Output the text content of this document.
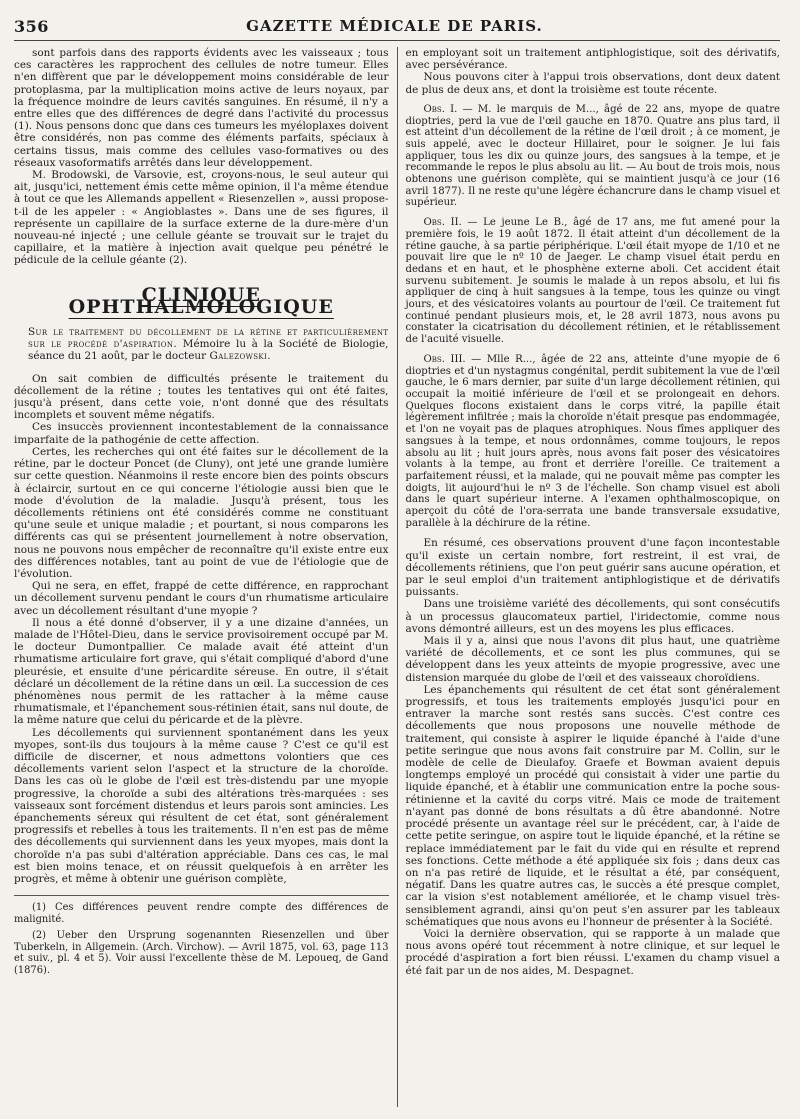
356	GAZETTE MÉDICALE DE PARIS.

sont parfois dans des rapports évidents avec les vaisseaux ; tous ces caractères les rapprochent des cellules de notre tumeur. Elles n'en diffèrent que par le développement moins considérable de leur protoplasma, par la multiplication moins active de leurs noyaux, par la fréquence moindre de leurs cavités sanguines. En résumé, il n'y a entre elles que des différences de degré dans l'activité du processus (1). Nous pensons donc que dans ces tumeurs les myéloplaxes doivent être considérés, non pas comme des éléments parfaits, spéciaux à certains tissus, mais comme des cellules vaso-formatives ou des réseaux vasoformatifs arrêtés dans leur développement.

M. Brodowski, de Varsovie, est, croyons-nous, le seul auteur qui ait, jusqu'ici, nettement émis cette même opinion, il l'a même étendue à tout ce que les Allemands appellent « Riesenzellen », aussi propose-t-il de les appeler : « Angioblastes ». Dans une de ses figures, il représente un capillaire de la surface externe de la dure-mère d'un nouveau-né injecté ; une cellule géante se trouvait sur le trajet du capillaire, et la matière à injection avait quelque peu pénétré le pédicule de la cellule géante (2).

CLINIQUE OPHTHALMOLOGIQUE

Sur le traitement du décollement de la rétine et particulièrement sur le procédé d'aspiration. Mémoire lu à la Société de Biologie, séance du 21 août, par le docteur Galezowski.

On sait combien de difficultés présente le traitement du décollement de la rétine ; toutes les tentatives qui ont été faites, jusqu'à présent, dans cette voie, n'ont donné que des résultats incomplets et souvent même négatifs.

Ces insuccès proviennent incontestablement de la connaissance imparfaite de la pathogénie de cette affection.

Certes, les recherches qui ont été faites sur le décollement de la rétine, par le docteur Poncet (de Cluny), ont jeté une grande lumière sur cette question. Néanmoins il reste encore bien des points obscurs à éclaircir, surtout en ce qui concerne l'étiologie aussi bien que le mode d'évolution de la maladie. Jusqu'à présent, tous les décollements rétiniens ont été considérés comme ne constituant qu'une seule et unique maladie ; et pourtant, si nous comparons les différents cas qui se présentent journellement à notre observation, nous ne pouvons nous empêcher de reconnaître qu'il existe entre eux des différences notables, tant au point de vue de l'étiologie que de l'évolution.

Qui ne sera, en effet, frappé de cette différence, en rapprochant un décollement survenu pendant le cours d'un rhumatisme articulaire avec un décollement résultant d'une myopie ?

Il nous a été donné d'observer, il y a une dizaine d'années, un malade de l'Hôtel-Dieu, dans le service provisoirement occupé par M. le docteur Dumontpallier. Ce malade avait été atteint d'un rhumatisme articulaire fort grave, qui s'était compliqué d'abord d'une pleurésie, et ensuite d'une péricardite séreuse. En outre, il s'était déclaré un décollement de la rétine dans un œil. La succession de ces phénomènes nous permit de les rattacher à la même cause rhumatismale, et l'épanchement sous-rétinien était, sans nul doute, de la même nature que celui du péricarde et de la plèvre.

Les décollements qui surviennent spontanément dans les yeux myopes, sont-ils dus toujours à la même cause ? C'est ce qu'il est difficile de discerner, et nous admettons volontiers que ces décollements varient selon l'aspect et la structure de la choroïde. Dans les cas où le globe de l'œil est très-distendu par une myopie progressive, la choroïde a subi des altérations très-marquées : ses vaisseaux sont forcément distendus et leurs parois sont amincies. Les épanchements séreux qui résultent de cet état, sont généralement progressifs et rebelles à tous les traitements. Il n'en est pas de même des décollements qui surviennent dans les yeux myopes, mais dont la choroïde n'a pas subi d'altération appréciable. Dans ces cas, le mal est bien moins tenace, et on réussit quelquefois à en arrêter les progrès, et même à obtenir une guérison complète,

(1) Ces différences peuvent rendre compte des différences de malignité.

(2) Ueber den Ursprung sogenannten Riesenzellen und über Tuberkeln, in Allgemein. (Arch. Virchow). — Avril 1875, vol. 63, page 113 et suiv., pl. 4 et 5). Voir aussi l'excellente thèse de M. Lepoueq, de Gand (1876).

en employant soit un traitement antiphlogistique, soit des dérivatifs, avec persévérance.

Nous pouvons citer à l'appui trois observations, dont deux datent de plus de deux ans, et dont la troisième est toute récente.

Obs. I. — M. le marquis de M..., âgé de 22 ans, myope de quatre dioptries, perd la vue de l'œil gauche en 1870. Quatre ans plus tard, il est atteint d'un décollement de la rétine de l'œil droit ; à ce moment, je suis appelé, avec le docteur Hillairet, pour le soigner. Je lui fais appliquer, tous les dix ou quinze jours, des sangsues à la tempe, et je recommande le repos le plus absolu au lit. — Au bout de trois mois, nous obtenons une guérison complète, qui se maintient jusqu'à ce jour (16 avril 1877). Il ne reste qu'une légère échancrure dans le champ visuel et supérieur.

Obs. II. — Le jeune Le B., âgé de 17 ans, me fut amené pour la première fois, le 19 août 1872. Il était atteint d'un décollement de la rétine gauche, à sa partie périphérique. L'œil était myope de 1/10 et ne pouvait lire que le nº 10 de Jaeger. Le champ visuel était perdu en dedans et en haut, et le phosphène externe aboli. Cet accident était survenu subitement. Je soumis le malade à un repos absolu, et lui fis appliquer de cinq à huit sangsues à la tempe, tous les quinze ou vingt jours, et des vésicatoires volants au pourtour de l'œil. Ce traitement fut continué pendant plusieurs mois, et, le 28 avril 1873, nous avons pu constater la cicatrisation du décollement rétinien, et le rétablissement de l'acuité visuelle.

Obs. III. — Mlle R..., âgée de 22 ans, atteinte d'une myopie de 6 dioptries et d'un nystagmus congénital, perdit subitement la vue de l'œil gauche, le 6 mars dernier, par suite d'un large décollement rétinien, qui occupait la moitié inférieure de l'œil et se prolongeait en dehors. Quelques flocons existaient dans le corps vitré, la papille était légèrement infiltrée ; mais la choroïde n'était presque pas endommagée, et l'on ne voyait pas de plaques atrophiques. Nous fîmes appliquer des sangsues à la tempe, et nous ordonnâmes, comme toujours, le repos absolu au lit ; huit jours après, nous avons fait poser des vésicatoires volants à la tempe, au front et derrière l'oreille. Ce traitement a parfaitement réussi, et la malade, qui ne pouvait même pas compter les doigts, lit aujourd'hui le nº 3 de l'échelle. Son champ visuel est aboli dans le quart supérieur interne. A l'examen ophthalmoscopique, on aperçoit du côté de l'ora-serrata une bande transversale exsudative, parallèle à la déchirure de la rétine.

En résumé, ces observations prouvent d'une façon incontestable qu'il existe un certain nombre, fort restreint, il est vrai, de décollements rétiniens, que l'on peut guérir sans aucune opération, et par le seul emploi d'un traitement antiphlogistique et de dérivatifs puissants.

Dans une troisième variété des décollements, qui sont consécutifs à un processus glaucomateux partiel, l'iridectomie, comme nous avons démontré ailleurs, est un des moyens les plus efficaces.

Mais il y a, ainsi que nous l'avons dit plus haut, une quatrième variété de décollements, et ce sont les plus communes, qui se développent dans les yeux atteints de myopie progressive, avec une distension marquée du globe de l'œil et des vaisseaux choroïdiens.

Les épanchements qui résultent de cet état sont généralement progressifs, et tous les traitements employés jusqu'ici pour en entraver la marche sont restés sans succès. C'est contre ces décollements que nous proposons une nouvelle méthode de traitement, qui consiste à aspirer le liquide épanché à l'aide d'une petite seringue que nous avons fait construire par M. Collin, sur le modèle de celle de Dieulafoy. Graefe et Bowman avaient depuis longtemps employé un procédé qui consistait à vider une partie du liquide épanché, et à établir une communication entre la poche sous-rétinienne et la cavité du corps vitré. Mais ce mode de traitement n'ayant pas donné de bons résultats a dû être abandonné. Notre procédé présente un avantage réel sur le précédent, car, à l'aide de cette petite seringue, on aspire tout le liquide épanché, et la rétine se replace immédiatement par le fait du vide qui en résulte et reprend ses fonctions. Cette méthode a été appliquée six fois ; dans deux cas on n'a pas retiré de liquide, et le résultat a été, par conséquent, négatif. Dans les quatre autres cas, le succès a été presque complet, car la vision s'est notablement améliorée, et le champ visuel très-sensiblement agrandi, ainsi qu'on peut s'en assurer par les tableaux schématiques que nous avons eu l'honneur de présenter à la Société.

Voici la dernière observation, qui se rapporte à un malade que nous avons opéré tout récemment à notre clinique, et sur lequel le procédé d'aspiration a fort bien réussi. L'examen du champ visuel a été fait par un de nos aides, M. Despagnet.
